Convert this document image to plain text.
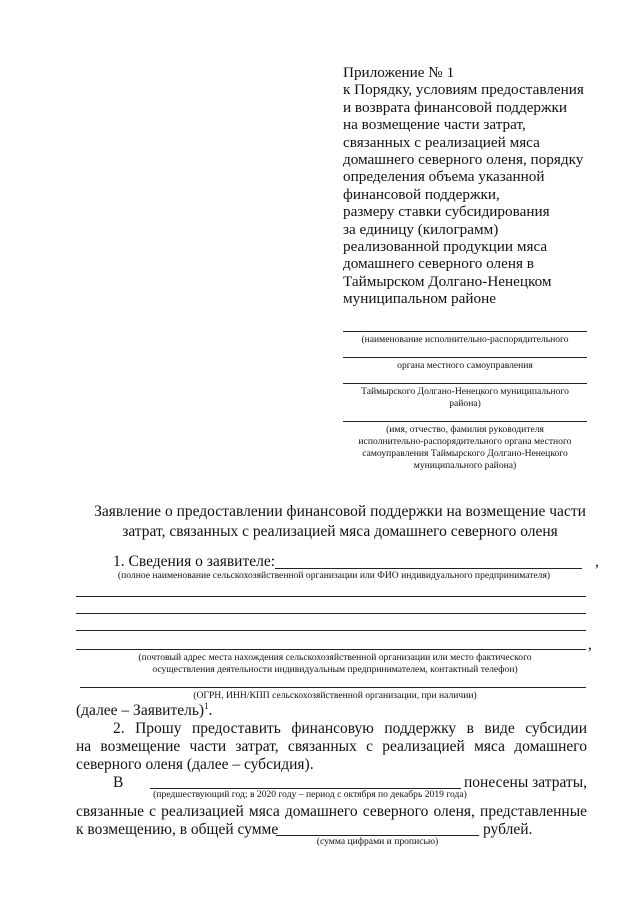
Приложение № 1
к Порядку, условиям предоставления
и возврата финансовой поддержки
на возмещение части затрат,
связанных с реализацией мяса
домашнего северного оленя, порядку
определения объема указанной
финансовой поддержки,
размеру ставки субсидирования
за единицу (килограмм)
реализованной продукции мяса
домашнего северного оленя в
Таймырском Долгано-Ненецком
муниципальном районе
(наименование исполнительно-распорядительного
органа местного самоуправления
Таймырского Долгано-Ненецкого муниципального
района)
(имя, отчество, фамилия руководителя
исполнительно-распорядительного органа местного
самоуправления Таймырского Долгано-Ненецкого
муниципального района)
Заявление о предоставлении финансовой поддержки на возмещение части
затрат, связанных с реализацией мяса домашнего северного оленя
1. Сведения о заявителе:	,
(полное наименование сельскохозяйственной организации или ФИО индивидуального предпринимателя)
,
(почтовый адрес места нахождения сельскохозяйственной организации или место фактического
осуществления деятельности индивидуальным предпринимателем, контактный телефон)
(ОГРН, ИНН/КПП сельскохозяйственной организации, при наличии)
(далее – Заявитель)$^1$.
2. Прошу предоставить финансовую поддержку в виде субсидии
на возмещение части затрат, связанных с реализацией мяса домашнего
северного оленя (далее – субсидия).
В	понесены затраты,
(предшествующий год; в 2020 году – период с октября по декабрь 2019 года)
связанные с реализацией мяса домашнего северного оленя, представленные
к возмещению, в общей сумме	рублей.
(сумма цифрами и прописью)
